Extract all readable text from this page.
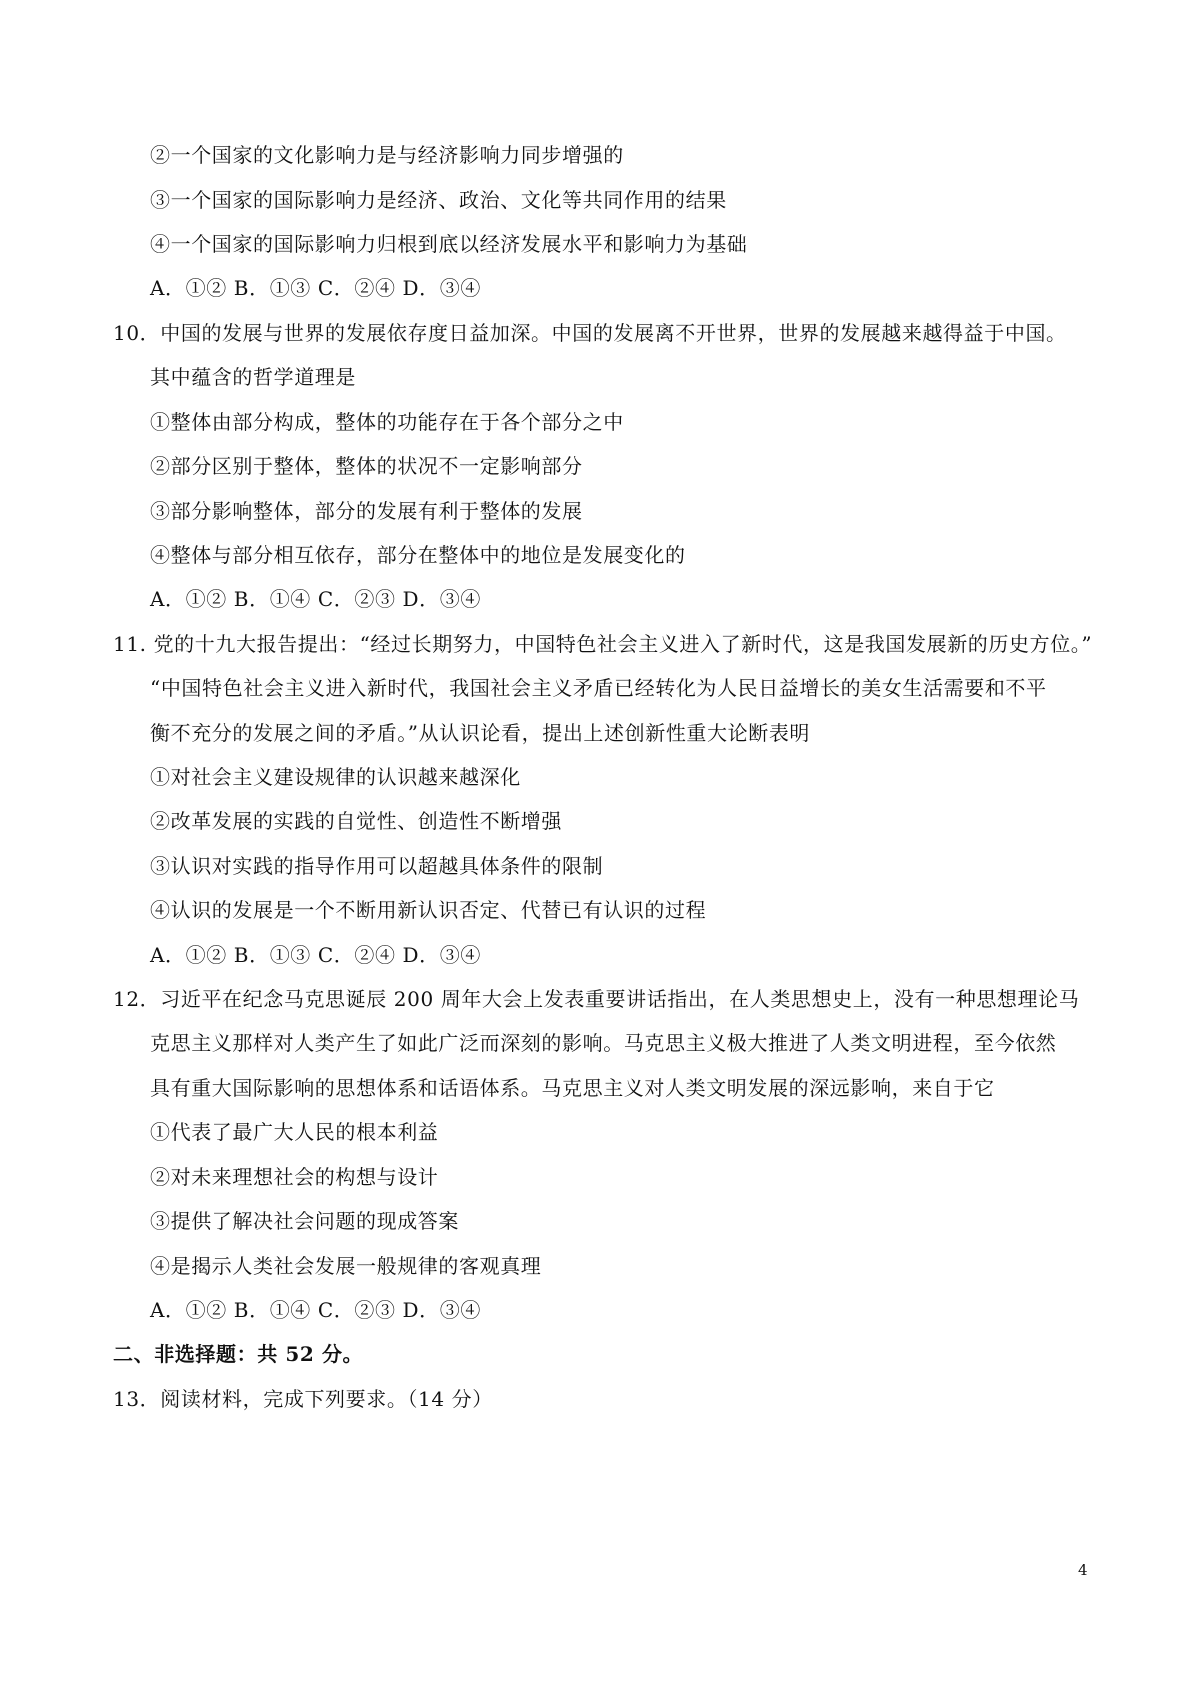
②一个国家的文化影响力是与经济影响力同步增强的
③一个国家的国际影响力是经济、政治、文化等共同作用的结果
④一个国家的国际影响力归根到底以经济发展水平和影响力为基础
A．①② B．①③ C．②④ D．③④
10．中国的发展与世界的发展依存度日益加深。中国的发展离不开世界，世界的发展越来越得益于中国。
其中蕴含的哲学道理是
①整体由部分构成，整体的功能存在于各个部分之中
②部分区别于整体，整体的状况不一定影响部分
③部分影响整体，部分的发展有利于整体的发展
④整体与部分相互依存，部分在整体中的地位是发展变化的
A．①② B．①④ C．②③ D．③④
11. 党的十九大报告提出：“经过长期努力，中国特色社会主义进入了新时代，这是我国发展新的历史方位。”
“中国特色社会主义进入新时代，我国社会主义矛盾已经转化为人民日益增长的美女生活需要和不平
衡不充分的发展之间的矛盾。”从认识论看，提出上述创新性重大论断表明
①对社会主义建设规律的认识越来越深化
②改革发展的实践的自觉性、创造性不断增强
③认识对实践的指导作用可以超越具体条件的限制
④认识的发展是一个不断用新认识否定、代替已有认识的过程
A．①② B．①③ C．②④ D．③④
12．习近平在纪念马克思诞辰 200 周年大会上发表重要讲话指出，在人类思想史上，没有一种思想理论马
克思主义那样对人类产生了如此广泛而深刻的影响。马克思主义极大推进了人类文明进程，至今依然
具有重大国际影响的思想体系和话语体系。马克思主义对人类文明发展的深远影响，来自于它
①代表了最广大人民的根本利益
②对未来理想社会的构想与设计
③提供了解决社会问题的现成答案
④是揭示人类社会发展一般规律的客观真理
A．①② B．①④ C．②③ D．③④
二、非选择题：共 52 分。
13．阅读材料，完成下列要求。（14 分）
4
